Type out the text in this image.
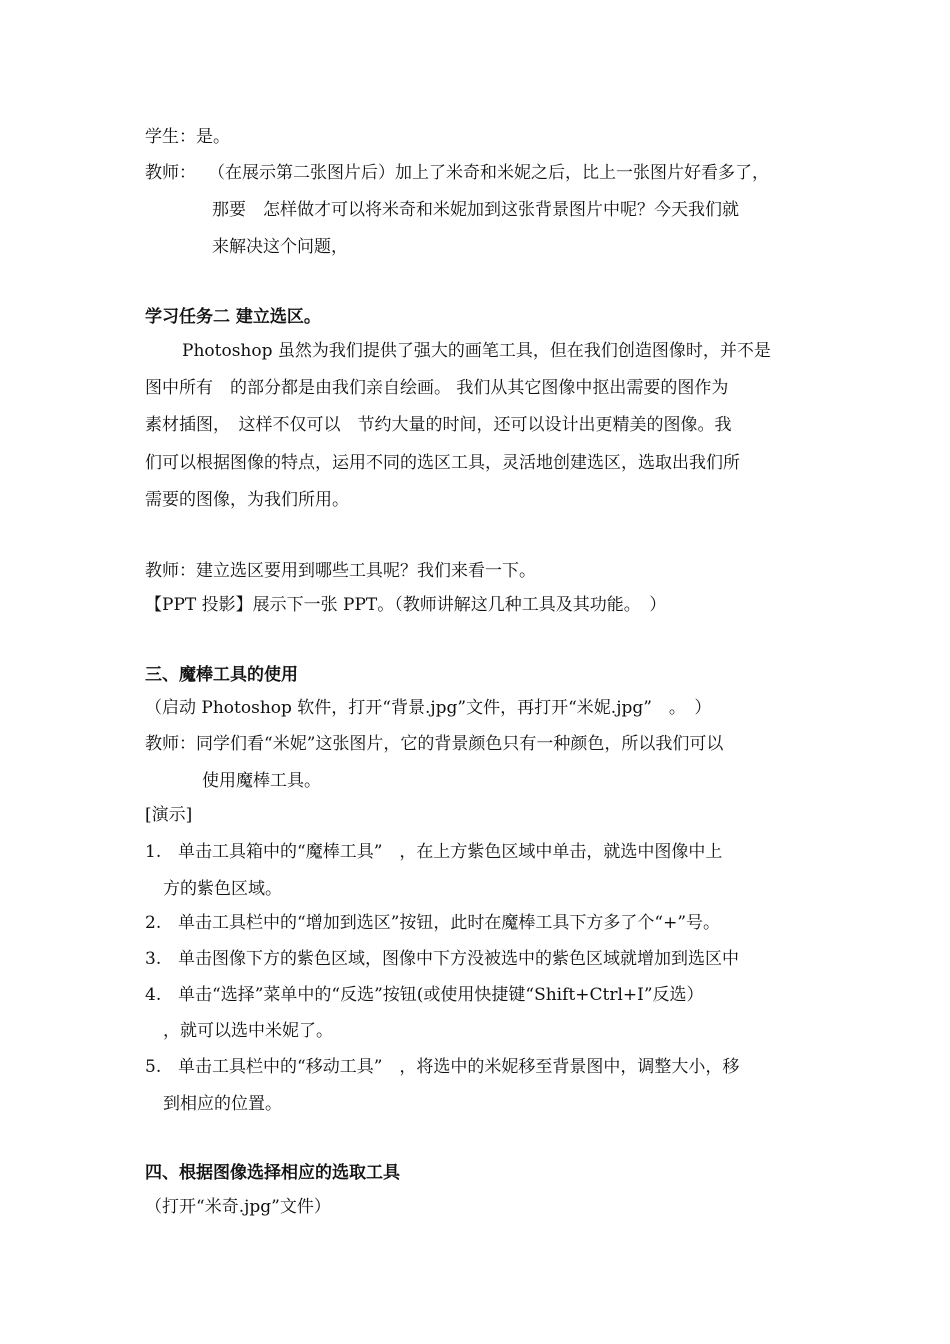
学生：是。
教师： （在展示第二张图片后）加上了米奇和米妮之后，比上一张图片好看多了，
那要　怎样做才可以将米奇和米妮加到这张背景图片中呢？今天我们就
来解决这个问题，
学习任务二 建立选区。
Photoshop 虽然为我们提供了强大的画笔工具，但在我们创造图像时，并不是
图中所有　的部分都是由我们亲自绘画。 我们从其它图像中抠出需要的图作为
素材插图，　这样不仅可以　节约大量的时间，还可以设计出更精美的图像。我
们可以根据图像的特点，运用不同的选区工具，灵活地创建选区，选取出我们所
需要的图像，为我们所用。
教师：建立选区要用到哪些工具呢？我们来看一下。
【PPT 投影】展示下一张 PPT。（教师讲解这几种工具及其功能。　）
三、魔棒工具的使用
（启动 Photoshop 软件，打开“背景.jpg”文件，再打开“米妮.jpg”　。　）
教师：同学们看“米妮”这张图片，它的背景颜色只有一种颜色，所以我们可以
使用魔棒工具。
[演示]
1. 单击工具箱中的“魔棒工具”　，在上方紫色区域中单击，就选中图像中上
方的紫色区域。
2. 单击工具栏中的“增加到选区”按钮，此时在魔棒工具下方多了个“+”号。
3. 单击图像下方的紫色区域，图像中下方没被选中的紫色区域就增加到选区中
4. 单击“选择”菜单中的“反选”按钮(或使用快捷键“Shift+Ctrl+I”反选）
，就可以选中米妮了。
5. 单击工具栏中的“移动工具”　，将选中的米妮移至背景图中，调整大小，移
到相应的位置。
四、根据图像选择相应的选取工具
（打开“米奇.jpg”文件）
